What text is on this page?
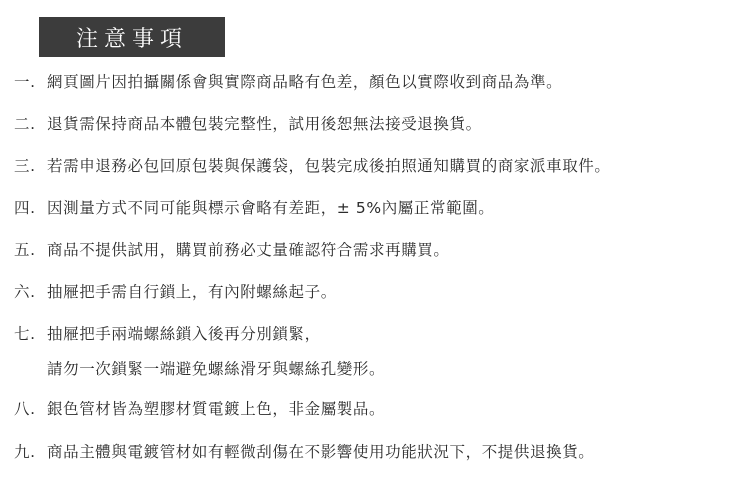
注意事項
一. 網頁圖片因拍攝關係會與實際商品略有色差，顏色以實際收到商品為準。
二. 退貨需保持商品本體包裝完整性，試用後恕無法接受退換貨。
三. 若需申退務必包回原包裝與保護袋，包裝完成後拍照通知購買的商家派車取件。
四. 因測量方式不同可能與標示會略有差距，± 5%內屬正常範圍。
五. 商品不提供試用，購買前務必丈量確認符合需求再購買。
六. 抽屜把手需自行鎖上，有內附螺絲起子。
七. 抽屜把手兩端螺絲鎖入後再分別鎖緊，
請勿一次鎖緊一端避免螺絲滑牙與螺絲孔變形。
八. 銀色管材皆為塑膠材質電鍍上色，非金屬製品。
九. 商品主體與電鍍管材如有輕微刮傷在不影響使用功能狀況下，不提供退換貨。
